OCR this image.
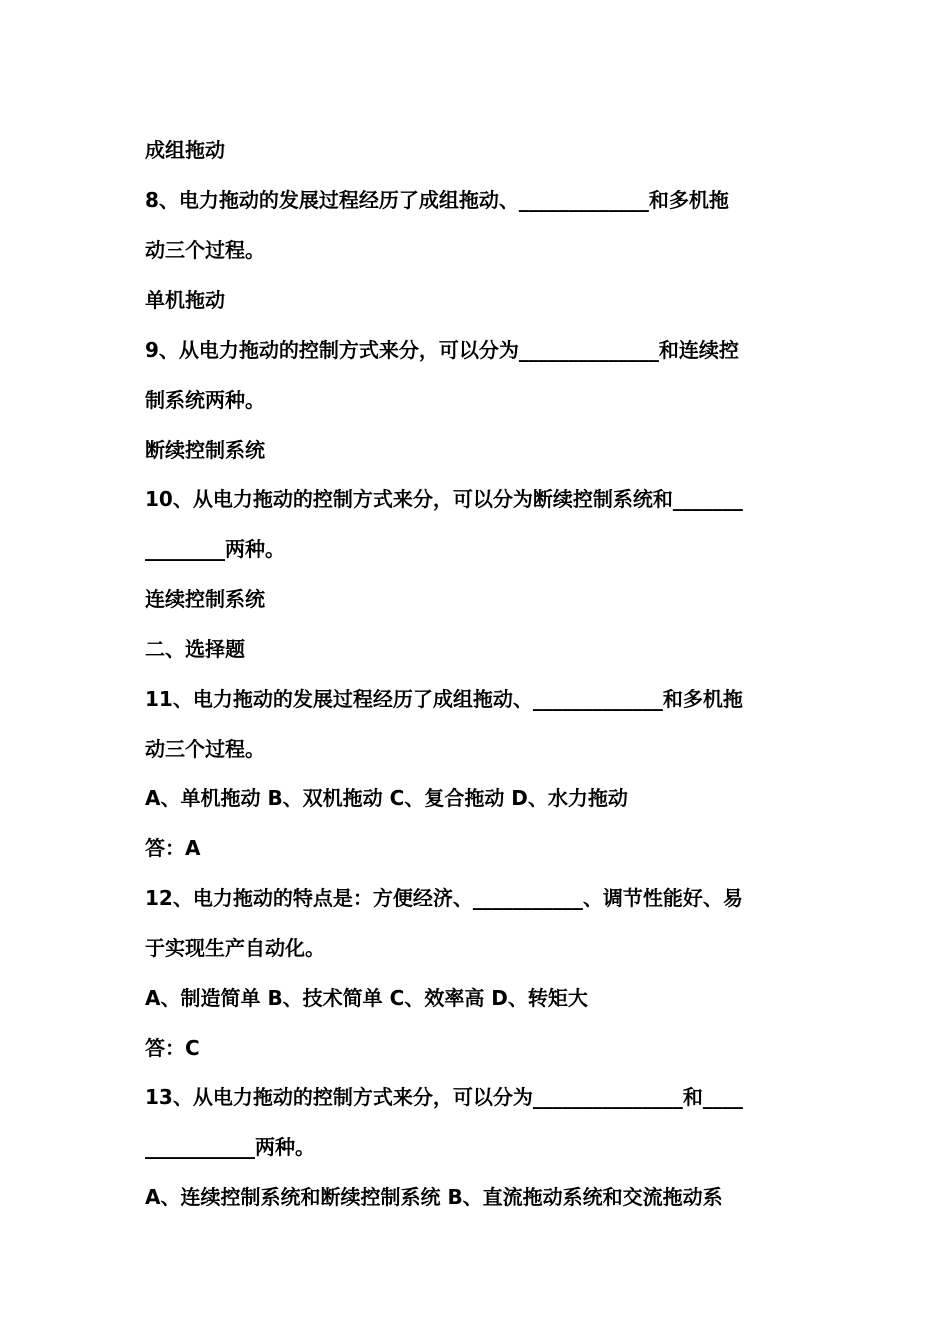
成组拖动
8、电力拖动的发展过程经历了成组拖动、_____________和多机拖
动三个过程。
单机拖动
9、从电力拖动的控制方式来分，可以分为______________和连续控
制系统两种。
断续控制系统
10、从电力拖动的控制方式来分，可以分为断续控制系统和_______
________两种。
连续控制系统
二、选择题
11、电力拖动的发展过程经历了成组拖动、_____________和多机拖
动三个过程。
A、单机拖动 B、双机拖动 C、复合拖动 D、水力拖动
答：A
12、电力拖动的特点是：方便经济、___________、调节性能好、易
于实现生产自动化。
A、制造简单 B、技术简单 C、效率高 D、转矩大
答：C
13、从电力拖动的控制方式来分，可以分为_______________和____
___________两种。
A、连续控制系统和断续控制系统 B、直流拖动系统和交流拖动系
